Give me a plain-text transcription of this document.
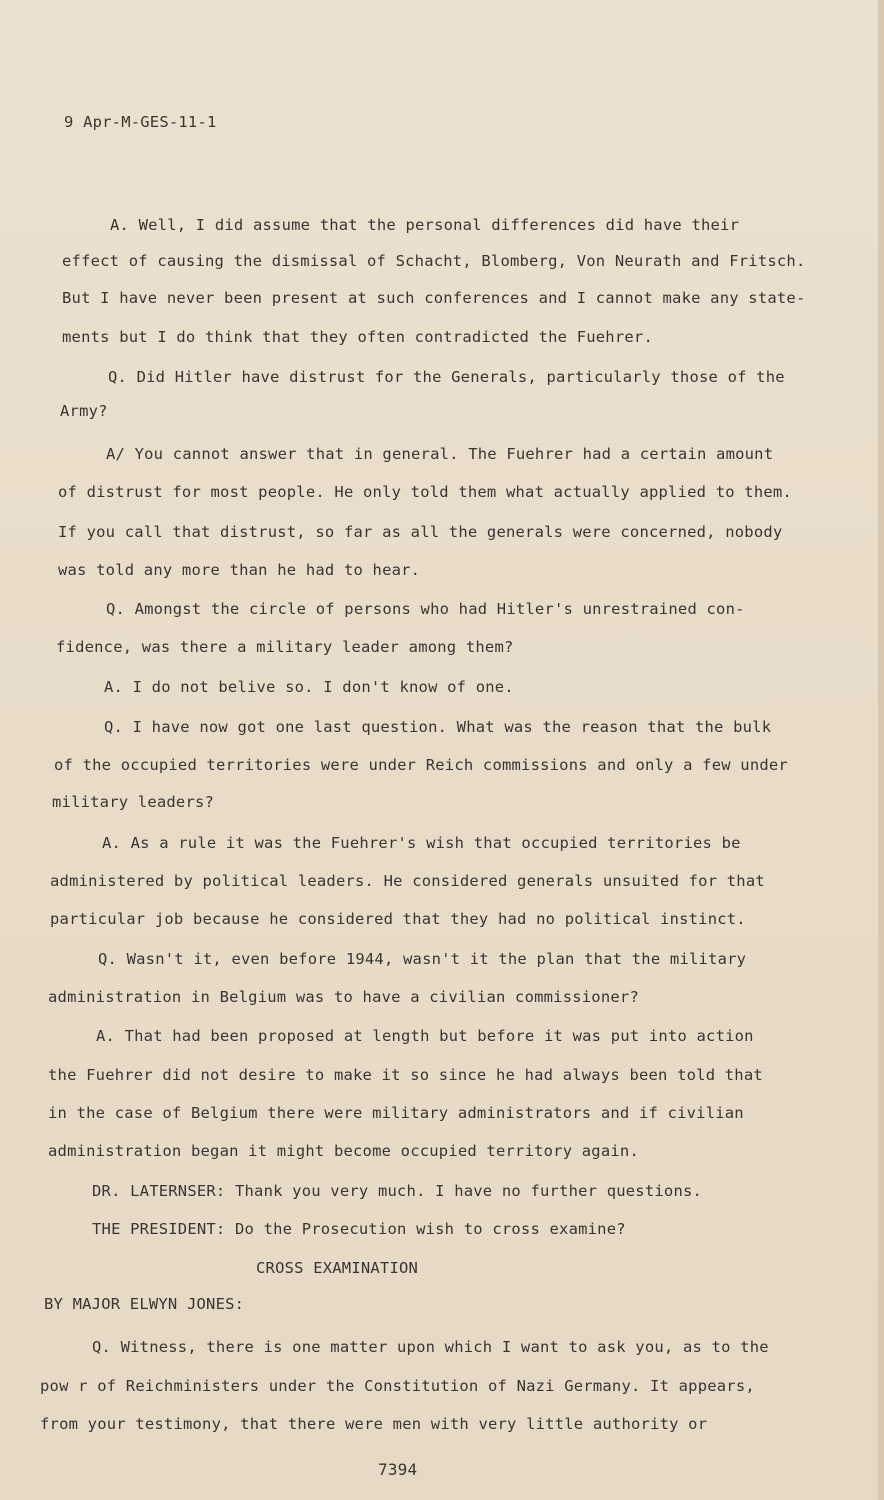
9 Apr-M-GES-11-1
A. Well, I did assume that the personal differences did have their
effect of causing the dismissal of Schacht, Blomberg, Von Neurath and Fritsch.
But I have never been present at such conferences and I cannot make any state-
ments but I do think that they often contradicted the Fuehrer.
Q. Did Hitler have distrust for the Generals, particularly those of the
Army?
A/ You cannot answer that in general. The Fuehrer had a certain amount
of distrust for most people. He only told them what actually applied to them.
If you call that distrust, so far as all the generals were concerned, nobody
was told any more than he had to hear.
Q. Amongst the circle of persons who had Hitler's unrestrained con-
fidence, was there a military leader among them?
A. I do not belive so. I don't know of one.
Q. I have now got one last question. What was the reason that the bulk
of the occupied territories were under Reich commissions and only a few under
military leaders?
A. As a rule it was the Fuehrer's wish that occupied territories be
administered by political leaders. He considered generals unsuited for that
particular job because he considered that they had no political instinct.
Q. Wasn't it, even before 1944, wasn't it the plan that the military
administration in Belgium was to have a civilian commissioner?
A. That had been proposed at length but before it was put into action
the Fuehrer did not desire to make it so since he had always been told that
in the case of Belgium there were military administrators and if civilian
administration began it might become occupied territory again.
DR. LATERNSER: Thank you very much. I have no further questions.
THE PRESIDENT: Do the Prosecution wish to cross examine?
CROSS EXAMINATION
BY MAJOR ELWYN JONES:
Q. Witness, there is one matter upon which I want to ask you, as to the
pow r of Reichministers under the Constitution of Nazi Germany. It appears,
from your testimony, that there were men with very little authority or
7394
